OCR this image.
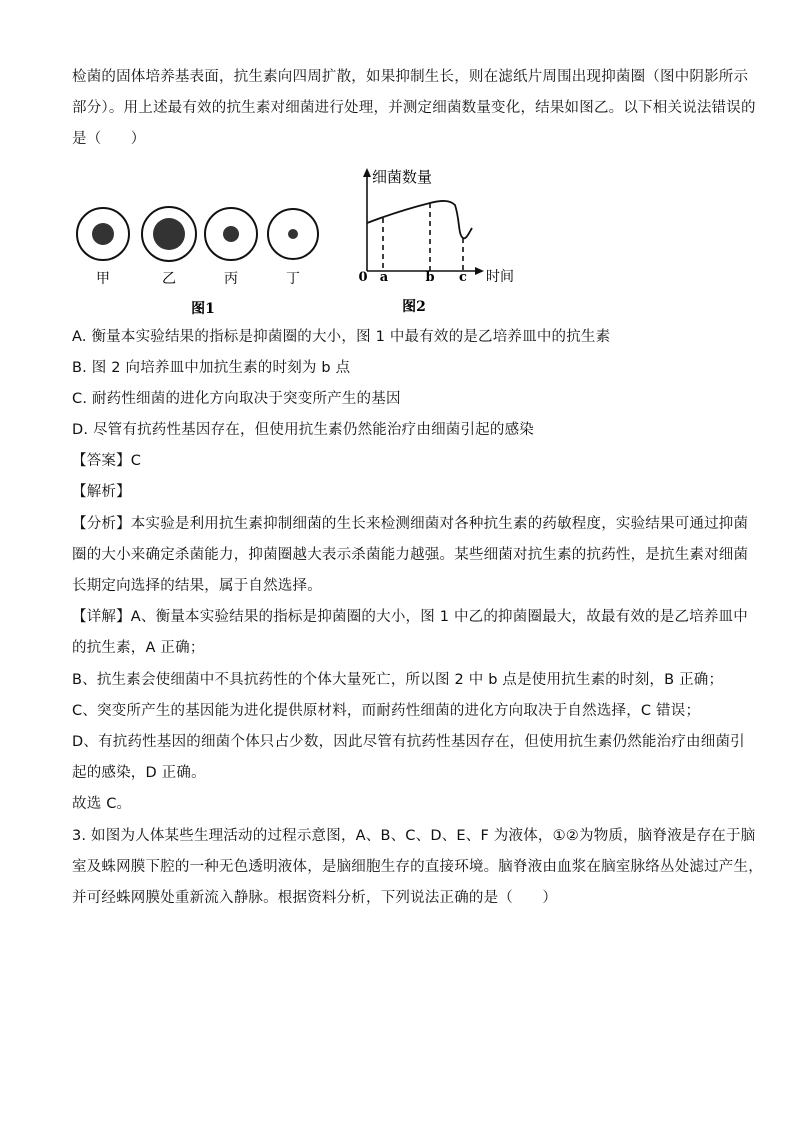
检菌的固体培养基表面，抗生素向四周扩散，如果抑制生长，则在滤纸片周围出现抑菌圈（图中阴影所示
部分）。用上述最有效的抗生素对细菌进行处理，并测定细菌数量变化，结果如图乙。以下相关说法错误的
是（　　）
甲	乙	丙	丁
图1
细菌数量
时间
0 a	b c
图2
A. 衡量本实验结果的指标是抑菌圈的大小，图 1 中最有效的是乙培养皿中的抗生素
B. 图 2 向培养皿中加抗生素的时刻为 b 点
C. 耐药性细菌的进化方向取决于突变所产生的基因
D. 尽管有抗药性基因存在，但使用抗生素仍然能治疗由细菌引起的感染
【答案】C
【解析】
【分析】本实验是利用抗生素抑制细菌的生长来检测细菌对各种抗生素的药敏程度，实验结果可通过抑菌
圈的大小来确定杀菌能力，抑菌圈越大表示杀菌能力越强。某些细菌对抗生素的抗药性，是抗生素对细菌
长期定向选择的结果，属于自然选择。
【详解】A、衡量本实验结果的指标是抑菌圈的大小，图 1 中乙的抑菌圈最大，故最有效的是乙培养皿中
的抗生素，A 正确；
B、抗生素会使细菌中不具抗药性的个体大量死亡，所以图 2 中 b 点是使用抗生素的时刻，B 正确；
C、突变所产生的基因能为进化提供原材料，而耐药性细菌的进化方向取决于自然选择，C 错误；
D、有抗药性基因的细菌个体只占少数，因此尽管有抗药性基因存在，但使用抗生素仍然能治疗由细菌引
起的感染，D 正确。
故选 C。
3. 如图为人体某些生理活动的过程示意图，A、B、C、D、E、F 为液体，①②为物质，脑脊液是存在于脑
室及蛛网膜下腔的一种无色透明液体，是脑细胞生存的直接环境。脑脊液由血浆在脑室脉络丛处滤过产生，
并可经蛛网膜处重新流入静脉。根据资料分析，下列说法正确的是（　　）
